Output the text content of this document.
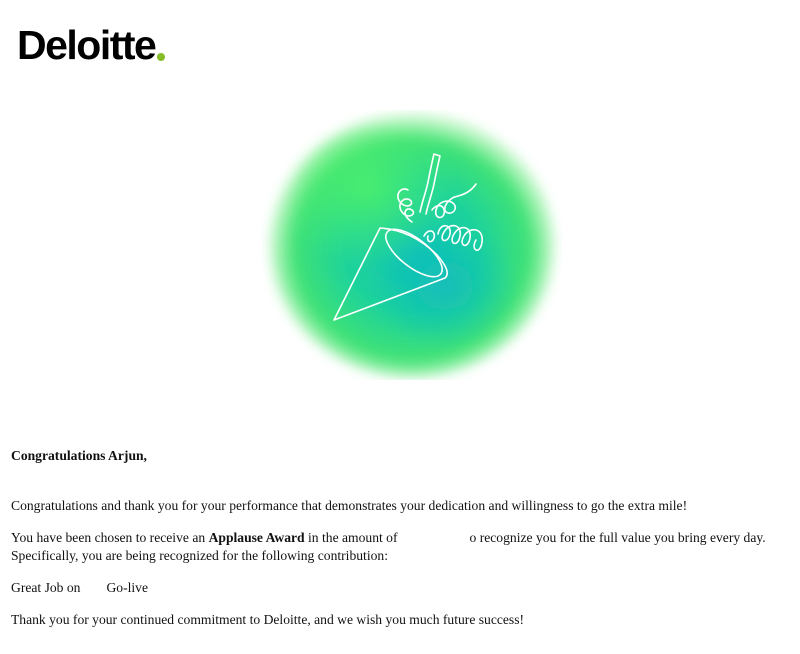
Deloitte

Congratulations Arjun,

Congratulations and thank you for your performance that demonstrates your dedication and willingness to go the extra mile!

You have been chosen to receive an Applause Award in the amount of	o recognize you for the full value you bring every day.
Specifically, you are being recognized for the following contribution:

Great Job on Go-live

Thank you for your continued commitment to Deloitte, and we wish you much future success!
